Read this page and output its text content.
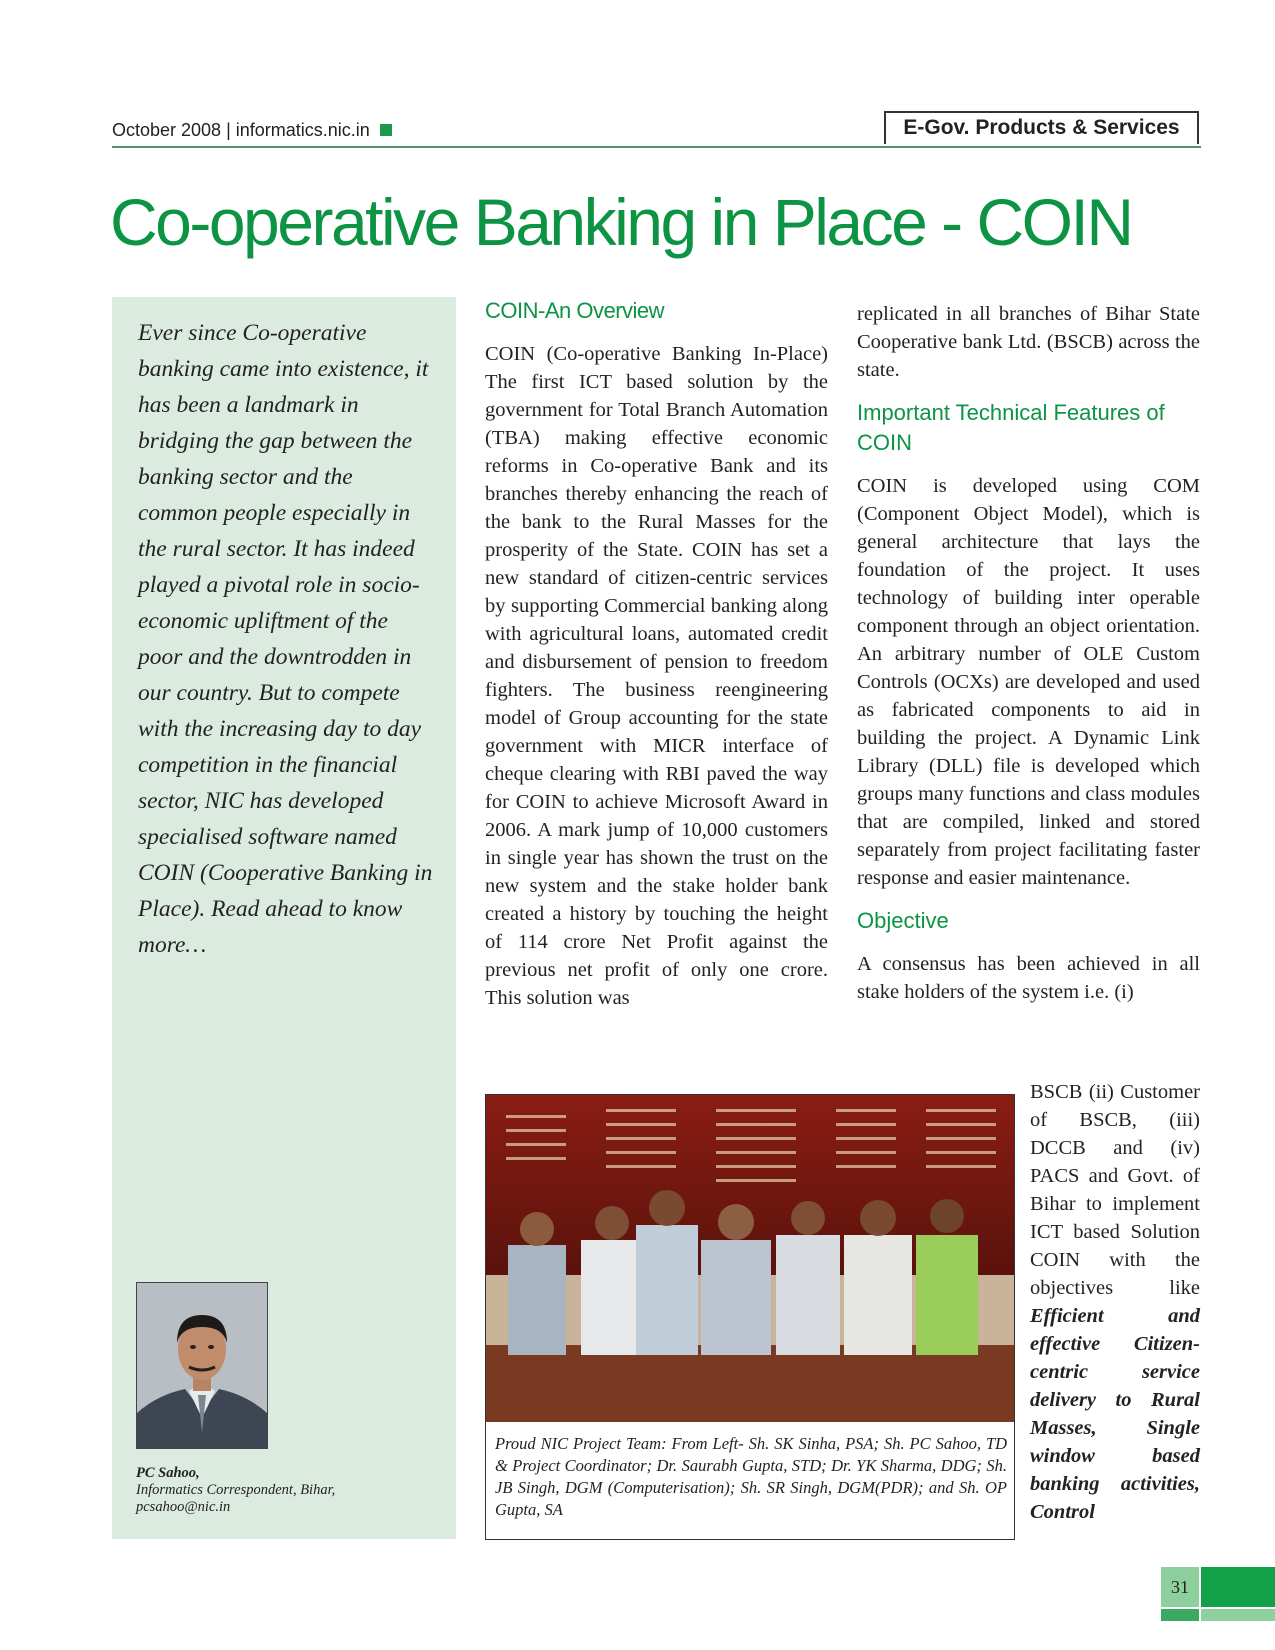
October 2008 | informatics.nic.in	E-Gov. Products & Services
Co-operative Banking in Place - COIN

Ever since Co-operative banking came into existence, it has been a landmark in bridging the gap between the banking sector and the common people especially in the rural sector. It has indeed played a pivotal role in socio-economic upliftment of the poor and the downtrodden in our country. But to compete with the increasing day to day competition in the financial sector, NIC has developed specialised software named COIN (Cooperative Banking in Place). Read ahead to know more…

PC Sahoo,
Informatics Correspondent, Bihar,
pcsahoo@nic.in
COIN-An Overview

COIN (Co-operative Banking In-Place) The first ICT based solution by the government for Total Branch Automation (TBA) making effective economic reforms in Co-operative Bank and its branches thereby enhancing the reach of the bank to the Rural Masses for the prosperity of the State. COIN has set a new standard of citizen-centric services by supporting Commercial banking along with agricultural loans, automated credit and disbursement of pension to freedom fighters. The business reengineering model of Group accounting for the state government with MICR interface of cheque clearing with RBI paved the way for COIN to achieve Microsoft Award in 2006. A mark jump of 10,000 customers in single year has shown the trust on the new system and the stake holder bank created a history by touching the height of 114 crore Net Profit against the previous net profit of only one crore. This solution was

replicated in all branches of Bihar State Cooperative bank Ltd. (BSCB) across the state.

Important Technical Features of COIN

COIN is developed using COM (Component Object Model), which is general architecture that lays the foundation of the project. It uses technology of building inter operable component through an object orientation. An arbitrary number of OLE Custom Controls (OCXs) are developed and used as fabricated components to aid in building the project. A Dynamic Link Library (DLL) file is developed which groups many functions and class modules that are compiled, linked and stored separately from project facilitating faster response and easier maintenance.

Objective

A consensus has been achieved in all stake holders of the system i.e. (i)

BSCB (ii) Customer of BSCB, (iii) DCCB and (iv) PACS and Govt. of Bihar to implement ICT based Solution COIN with the objectives like Efficient and effective Citizen-centric service delivery to Rural Masses, Single window based banking activities, Control

Proud NIC Project Team: From Left- Sh. SK Sinha, PSA; Sh. PC Sahoo, TD & Project Coordinator; Dr. Saurabh Gupta, STD; Dr. YK Sharma, DDG; Sh. JB Singh, DGM (Computerisation); Sh. SR Singh, DGM(PDR); and Sh. OP Gupta, SA

31
